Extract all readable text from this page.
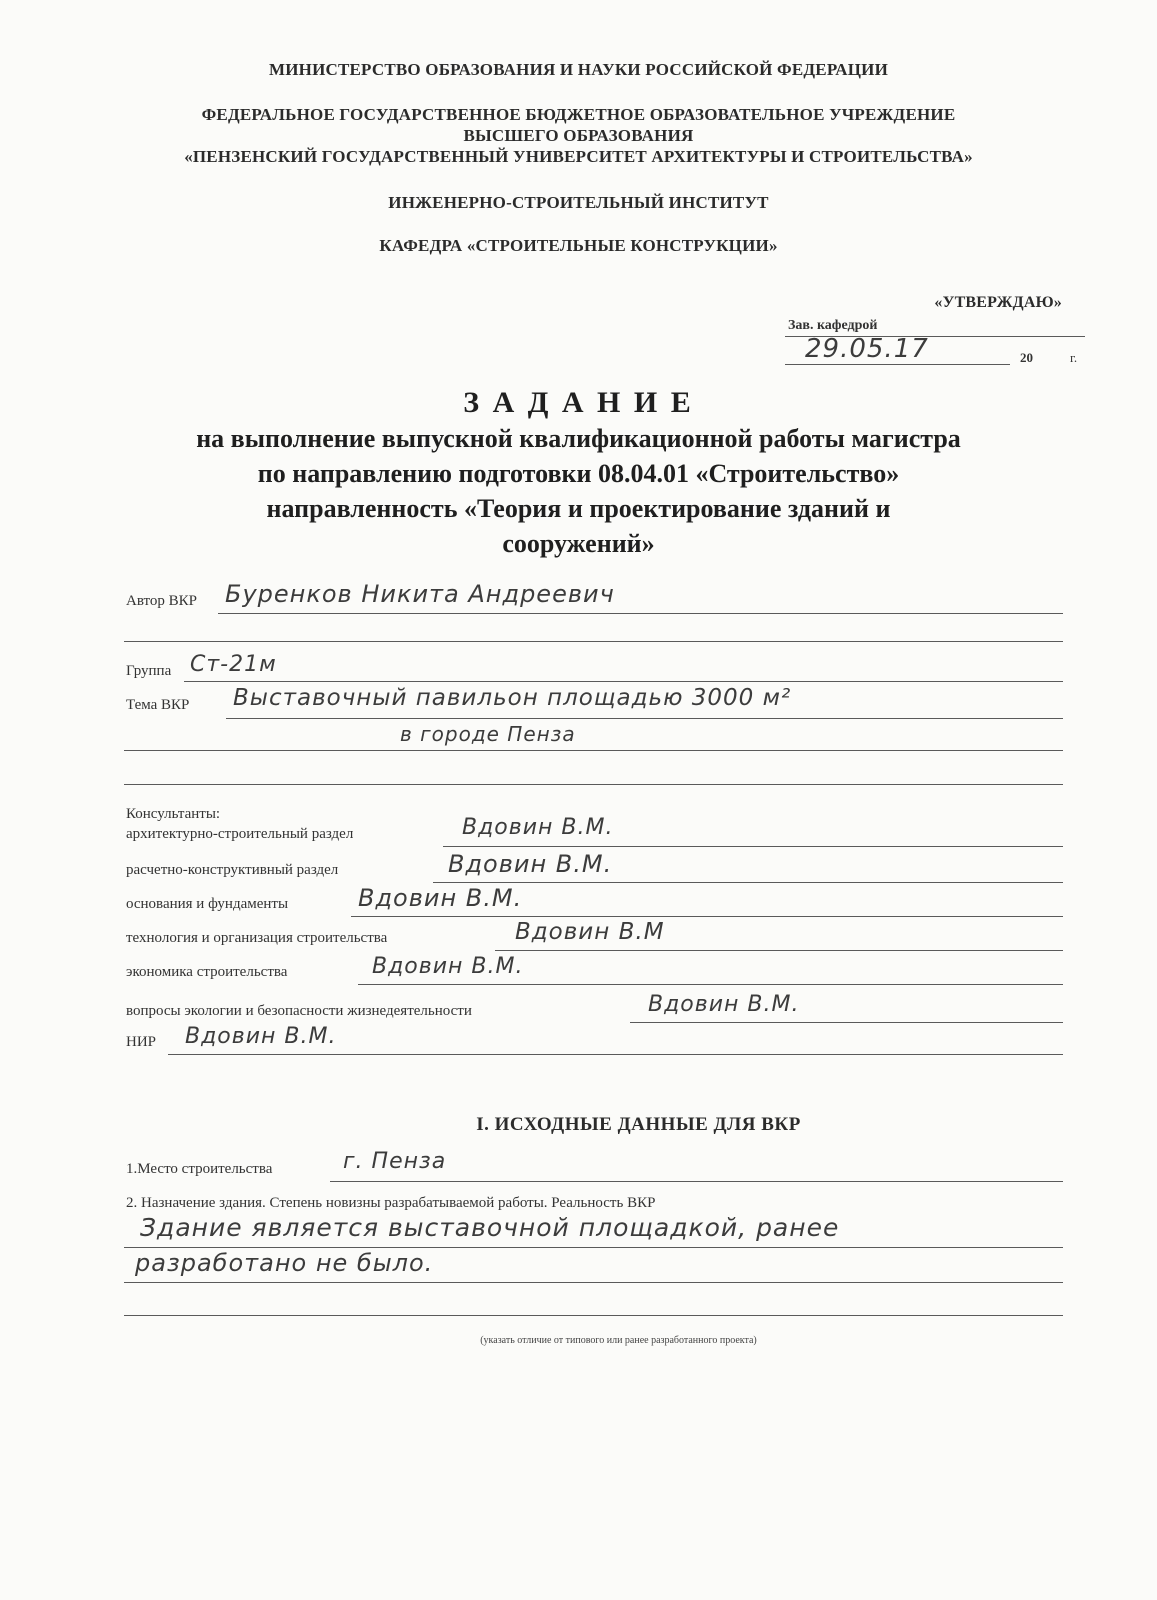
МИНИСТЕРСТВО ОБРАЗОВАНИЯ И НАУКИ РОССИЙСКОЙ ФЕДЕРАЦИИ
ФЕДЕРАЛЬНОЕ ГОСУДАРСТВЕННОЕ БЮДЖЕТНОЕ ОБРАЗОВАТЕЛЬНОЕ УЧРЕЖДЕНИЕ
ВЫСШЕГО ОБРАЗОВАНИЯ
«ПЕНЗЕНСКИЙ ГОСУДАРСТВЕННЫЙ УНИВЕРСИТЕТ АРХИТЕКТУРЫ И СТРОИТЕЛЬСТВА»
ИНЖЕНЕРНО-СТРОИТЕЛЬНЫЙ ИНСТИТУТ
КАФЕДРА «СТРОИТЕЛЬНЫЕ КОНСТРУКЦИИ»
«УТВЕРЖДАЮ»
Зав. кафедрой
29.05.17	20	г.
З А Д А Н И Е
на выполнение выпускной квалификационной работы магистра
по направлению подготовки 08.04.01 «Строительство»
направленность «Теория и проектирование зданий и
сооружений»
Автор ВКР Буренков Никита Андреевич
Группа Ст-21м
Тема ВКР Выставочный павильон площадью 3000 м²
в городе Пенза
Консультанты:
архитектурно-строительный раздел	Вдовин В.М.
расчетно-конструктивный раздел	Вдовин В.М.
основания и фундаменты	Вдовин В.М.
технология и организация строительства	Вдовин В.М
экономика строительства	Вдовин В.М.
вопросы экологии и безопасности жизнедеятельности	Вдовин В.М.
НИР Вдовин В.М.
I. ИСХОДНЫЕ ДАННЫЕ ДЛЯ ВКР
1.Место строительства	г. Пенза
2. Назначение здания. Степень новизны разрабатываемой работы. Реальность ВКР
Здание является выставочной площадкой, ранее
разработано не было.
(указать отличие от типового или ранее разработанного проекта)
